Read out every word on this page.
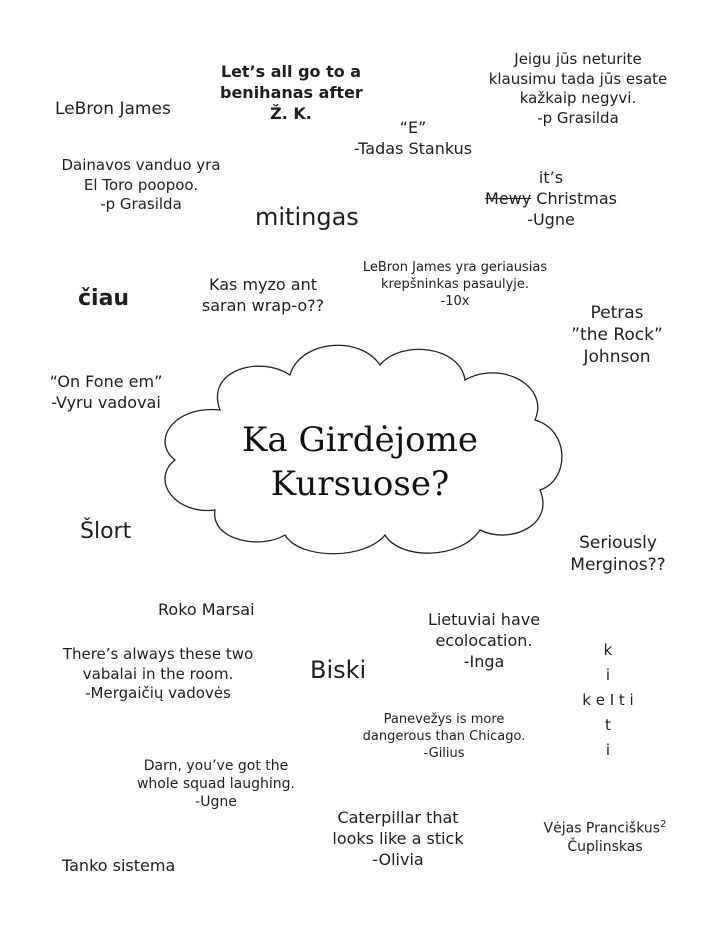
Ka Girdėjome
Kursuose?
LeBron James
Let’s all go to a
benihanas after
Ž. K.
“E”
-Tadas Stankus
Jeigu jūs neturite
klausimu tada jūs esate
kažkaip negyvi.
-p Grasilda
Dainavos vanduo yra
El Toro poopoo.
-p Grasilda	mitingas
it’s
Mewy Christmas
-Ugne
čiau
Kas myzo ant
saran wrap-o??
LeBron James yra geriausias
krepšninkas pasaulyje.
-10x
Petras
”the Rock”
Johnson
“On Fone em”
-Vyru vadovai
Šlort	Seriously
Merginos??
Roko Marsai
Lietuviai have
ecolocation.
-Inga
There’s always these two
vabalai in the room.
-Mergaičių vadovės
Biski
k
i
k e I t i
t
i
Panevežys is more
dangerous than Chicago.
-Gilius
Darn, you’ve got the
whole squad laughing.
-Ugne
Caterpillar that
looks like a stick
-Olivia
Vėjas Pranciškus$^2$
Čuplinskas
Tanko sistema
